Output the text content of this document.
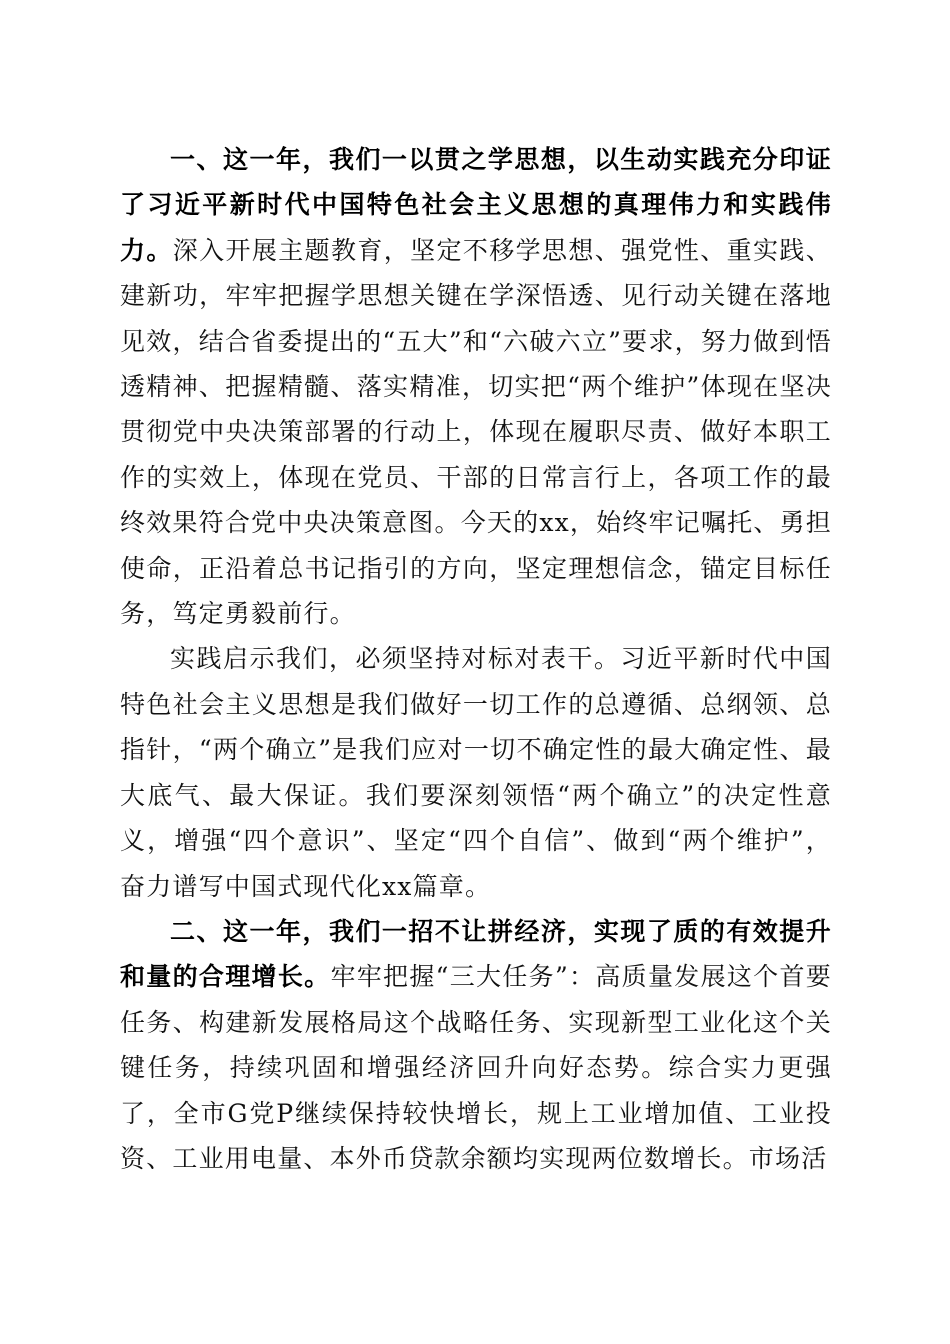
一、这一年，我们一以贯之学思想，以生动实践充分印证了习近平新时代中国特色社会主义思想的真理伟力和实践伟力。深入开展主题教育，坚定不移学思想、强党性、重实践、建新功，牢牢把握学思想关键在学深悟透、见行动关键在落地见效，结合省委提出的“五大”和“六破六立”要求，努力做到悟透精神、把握精髓、落实精准，切实把“两个维护”体现在坚决贯彻党中央决策部署的行动上，体现在履职尽责、做好本职工作的实效上，体现在党员、干部的日常言行上，各项工作的最终效果符合党中央决策意图。今天的xx，始终牢记嘱托、勇担使命，正沿着总书记指引的方向，坚定理想信念，锚定目标任务，笃定勇毅前行。

实践启示我们，必须坚持对标对表干。习近平新时代中国特色社会主义思想是我们做好一切工作的总遵循、总纲领、总指针，“两个确立”是我们应对一切不确定性的最大确定性、最大底气、最大保证。我们要深刻领悟“两个确立”的决定性意义，增强“四个意识”、坚定“四个自信”、做到“两个维护”，奋力谱写中国式现代化xx篇章。

二、这一年，我们一招不让拼经济，实现了质的有效提升和量的合理增长。牢牢把握“三大任务”：高质量发展这个首要任务、构建新发展格局这个战略任务、实现新型工业化这个关键任务，持续巩固和增强经济回升向好态势。综合实力更强了，全市G党P继续保持较快增长，规上工业增加值、工业投资、工业用电量、本外币贷款余额均实现两位数增长。市场活
